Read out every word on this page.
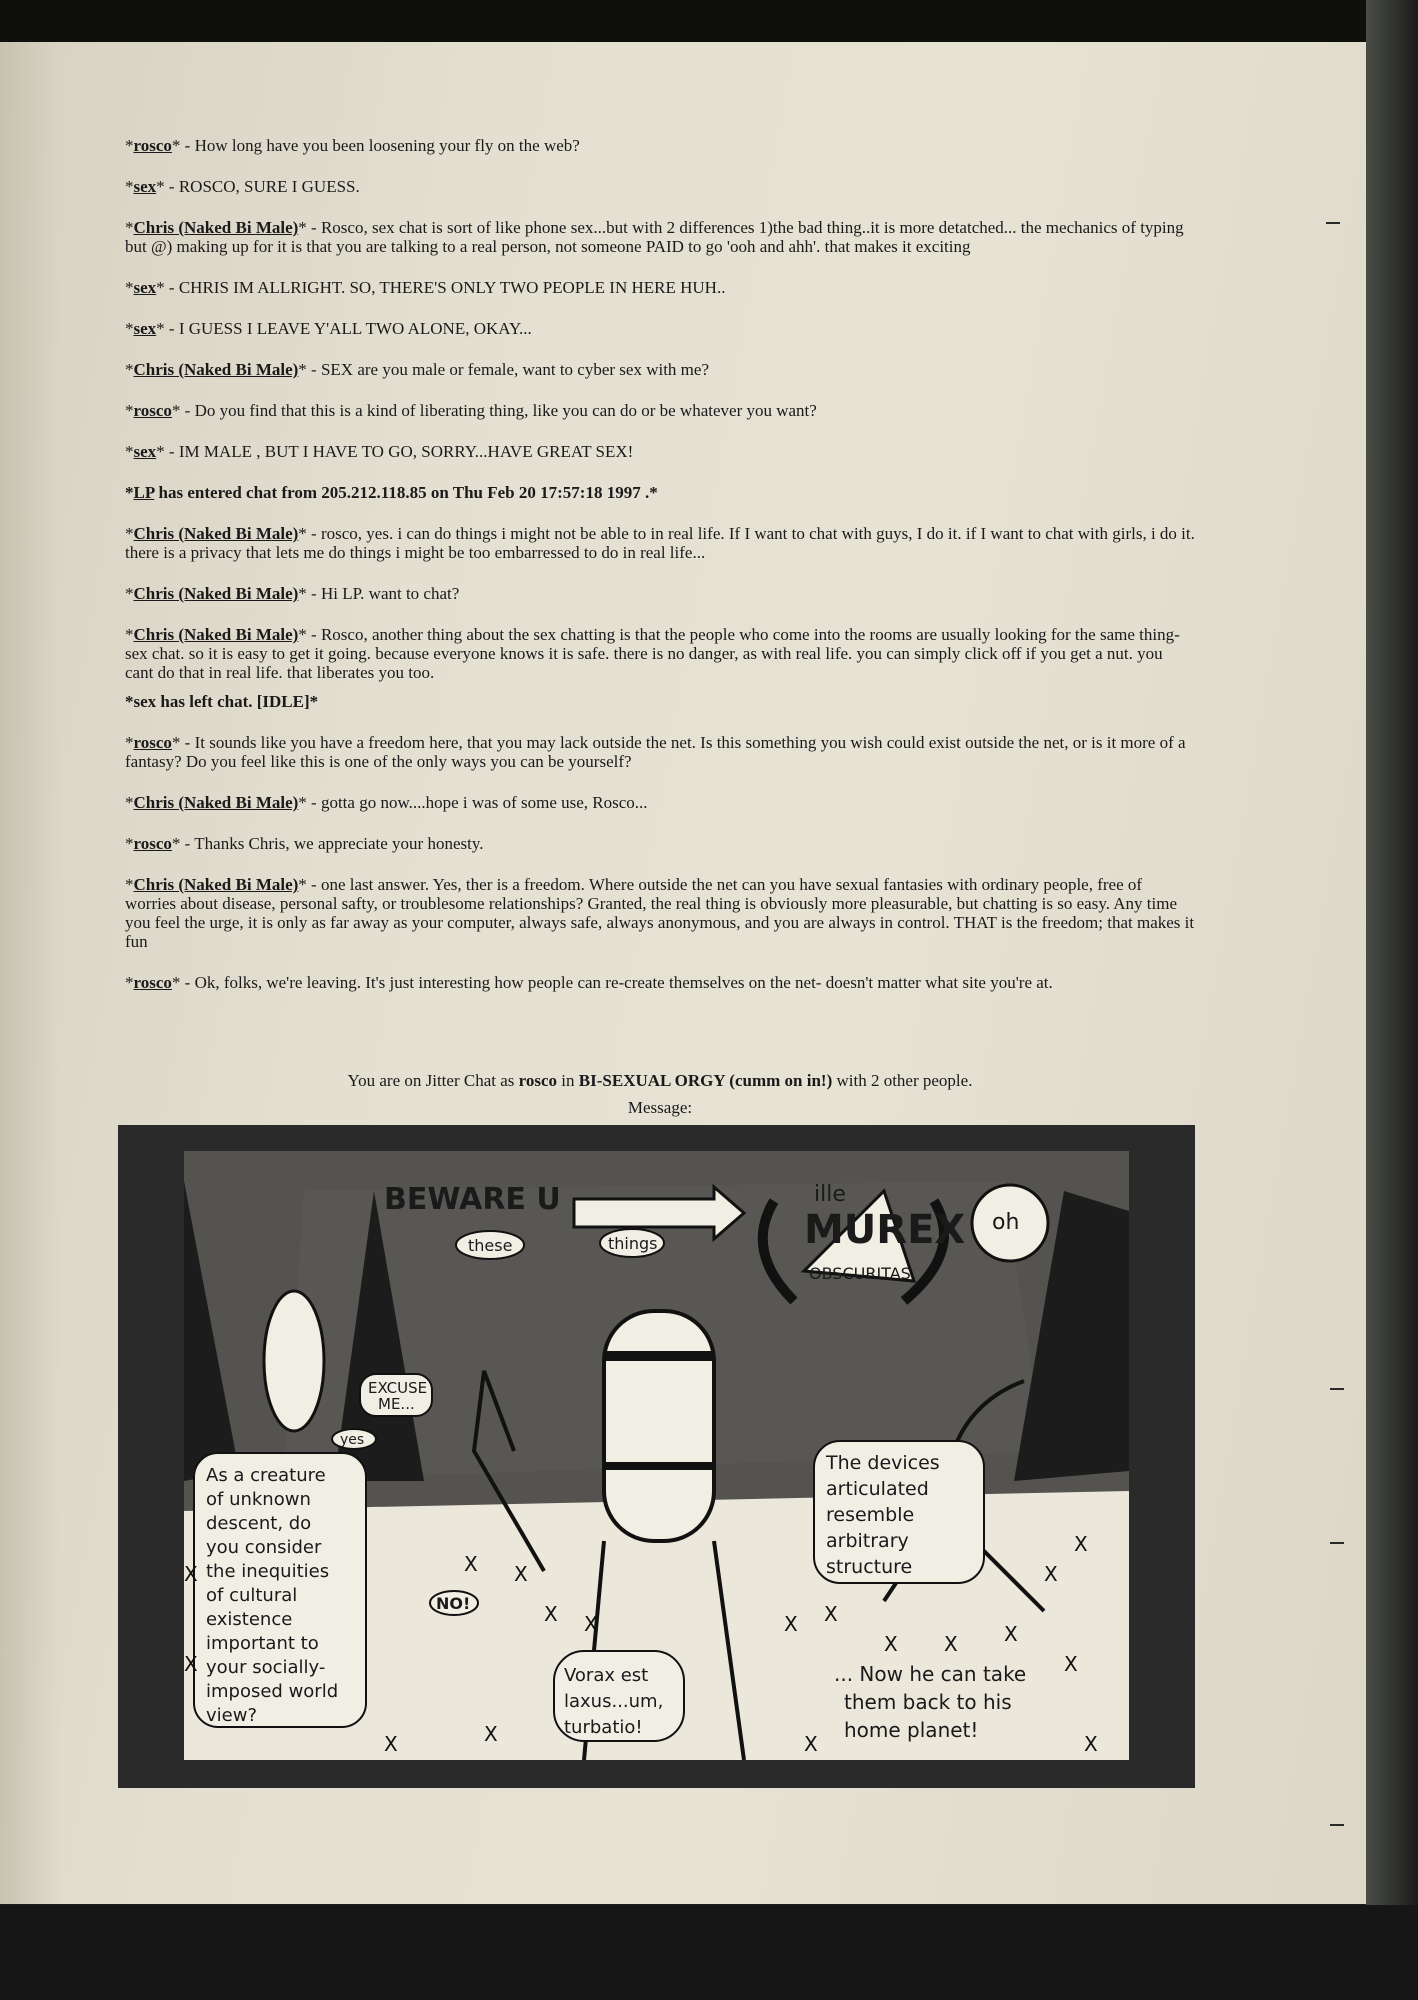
*rosco* - How long have you been loosening your fly on the web?
*sex* - ROSCO, SURE I GUESS.
*Chris (Naked Bi Male)* - Rosco, sex chat is sort of like phone sex...but with 2 differences 1)the bad thing..it is more detatched... the mechanics of typing but @) making up for it is that you are talking to a real person, not someone PAID to go 'ooh and ahh'. that makes it exciting
*sex* - CHRIS IM ALLRIGHT. SO, THERE'S ONLY TWO PEOPLE IN HERE HUH..
*sex* - I GUESS I LEAVE Y'ALL TWO ALONE, OKAY...
*Chris (Naked Bi Male)* - SEX are you male or female, want to cyber sex with me?
*rosco* - Do you find that this is a kind of liberating thing, like you can do or be whatever you want?
*sex* - IM MALE , BUT I HAVE TO GO, SORRY...HAVE GREAT SEX!
*LP has entered chat from 205.212.118.85 on Thu Feb 20 17:57:18 1997 .*
*Chris (Naked Bi Male)* - rosco, yes. i can do things i might not be able to in real life. If I want to chat with guys, I do it. if I want to chat with girls, i do it. there is a privacy that lets me do things i might be too embarressed to do in real life...
*Chris (Naked Bi Male)* - Hi LP. want to chat?
*Chris (Naked Bi Male)* - Rosco, another thing about the sex chatting is that the people who come into the rooms are usually looking for the same thing-sex chat. so it is easy to get it going. because everyone knows it is safe. there is no danger, as with real life. you can simply click off if you get a nut. you cant do that in real life. that liberates you too.
*sex has left chat. [IDLE]*
*rosco* - It sounds like you have a freedom here, that you may lack outside the net. Is this something you wish could exist outside the net, or is it more of a fantasy? Do you feel like this is one of the only ways you can be yourself?
*Chris (Naked Bi Male)* - gotta go now....hope i was of some use, Rosco...
*rosco* - Thanks Chris, we appreciate your honesty.
*Chris (Naked Bi Male)* - one last answer. Yes, ther is a freedom. Where outside the net can you have sexual fantasies with ordinary people, free of worries about disease, personal safty, or troublesome relationships? Granted, the real thing is obviously more pleasurable, but chatting is so easy. Any time you feel the urge, it is only as far away as your computer, always safe, always anonymous, and you are always in control. THAT is the freedom; that makes it fun
*rosco* - Ok, folks, we're leaving. It's just interesting how people can re-create themselves on the net- doesn't matter what site you're at.
You are on Jitter Chat as rosco in BI-SEXUAL ORGY (cumm on in!) with 2 other people.
Message:
BEWARE U	ille
MUREX
OBSCURITAS
oh
these	things
EXCUSE
ME...
yes
NO!
As a creature
of unknown
descent, do
you consider
the inequities
of cultural
existence
important to
your socially-
imposed world
view?
The devices
articulated
resemble
arbitrary
structure
Vorax est
laxus...um,
turbatio!
... Now he can take
them back to his
home planet!
X X
X X
X
X
X X
X X X
X
X
X
X	X
X
X
